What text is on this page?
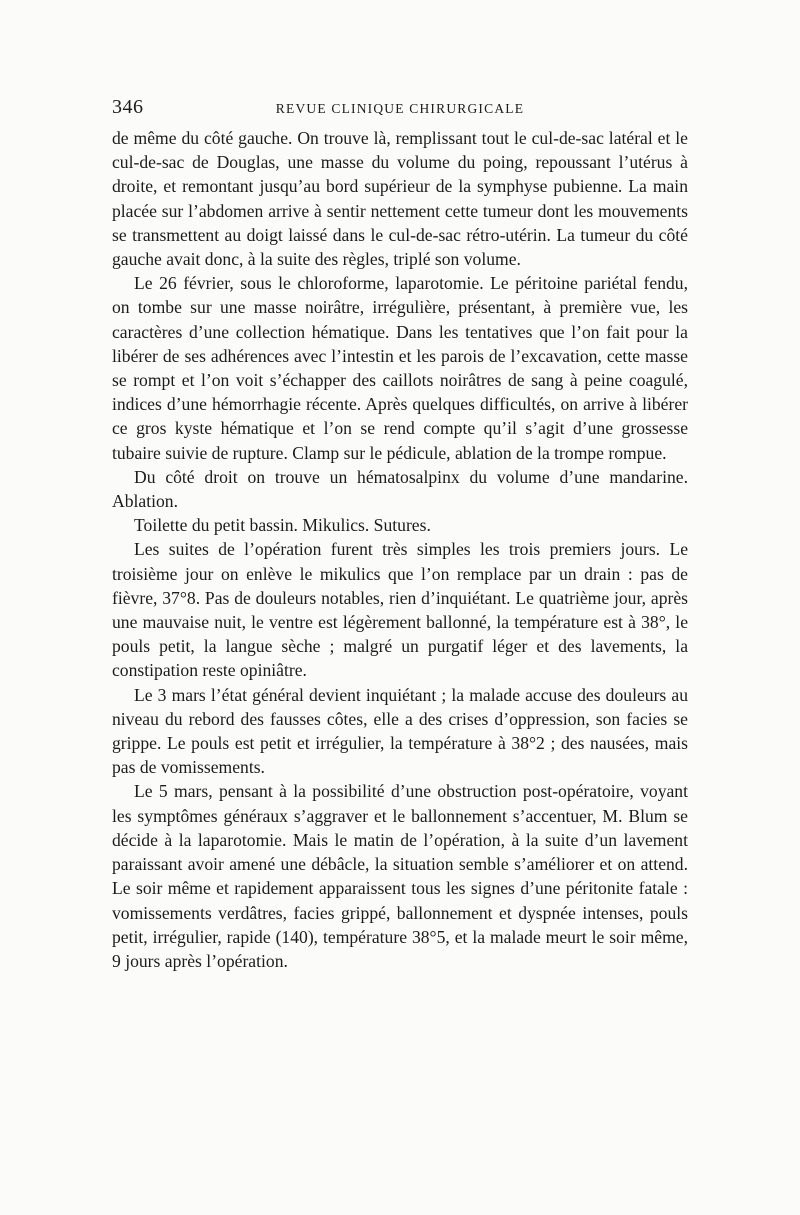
346	REVUE CLINIQUE CHIRURGICALE

de même du côté gauche. On trouve là, remplissant tout le cul-de-sac latéral et le cul-de-sac de Douglas, une masse du volume du poing, repoussant l’utérus à droite, et remontant jusqu’au bord supérieur de la symphyse pubienne. La main placée sur l’abdomen arrive à sentir nettement cette tumeur dont les mouvements se transmettent au doigt laissé dans le cul-de-sac rétro-utérin. La tumeur du côté gauche avait donc, à la suite des règles, triplé son volume.

Le 26 février, sous le chloroforme, laparotomie. Le péritoine pariétal fendu, on tombe sur une masse noirâtre, irrégulière, présentant, à première vue, les caractères d’une collection hématique. Dans les tentatives que l’on fait pour la libérer de ses adhérences avec l’intestin et les parois de l’excavation, cette masse se rompt et l’on voit s’échapper des caillots noirâtres de sang à peine coagulé, indices d’une hémorrhagie récente. Après quelques difficultés, on arrive à libérer ce gros kyste hématique et l’on se rend compte qu’il s’agit d’une grossesse tubaire suivie de rupture. Clamp sur le pédicule, ablation de la trompe rompue.

Du côté droit on trouve un hématosalpinx du volume d’une mandarine. Ablation.

Toilette du petit bassin. Mikulics. Sutures.

Les suites de l’opération furent très simples les trois premiers jours. Le troisième jour on enlève le mikulics que l’on remplace par un drain : pas de fièvre, 37°8. Pas de douleurs notables, rien d’inquiétant. Le quatrième jour, après une mauvaise nuit, le ventre est légèrement ballonné, la température est à 38°, le pouls petit, la langue sèche ; malgré un purgatif léger et des lavements, la constipation reste opiniâtre.

Le 3 mars l’état général devient inquiétant ; la malade accuse des douleurs au niveau du rebord des fausses côtes, elle a des crises d’oppression, son facies se grippe. Le pouls est petit et irrégulier, la température à 38°2 ; des nausées, mais pas de vomissements.

Le 5 mars, pensant à la possibilité d’une obstruction post-opératoire, voyant les symptômes généraux s’aggraver et le ballonnement s’accentuer, M. Blum se décide à la laparotomie. Mais le matin de l’opération, à la suite d’un lavement paraissant avoir amené une débâcle, la situation semble s’améliorer et on attend. Le soir même et rapidement apparaissent tous les signes d’une péritonite fatale : vomissements verdâtres, facies grippé, ballonnement et dyspnée intenses, pouls petit, irrégulier, rapide (140), température 38°5, et la malade meurt le soir même, 9 jours après l’opération.
